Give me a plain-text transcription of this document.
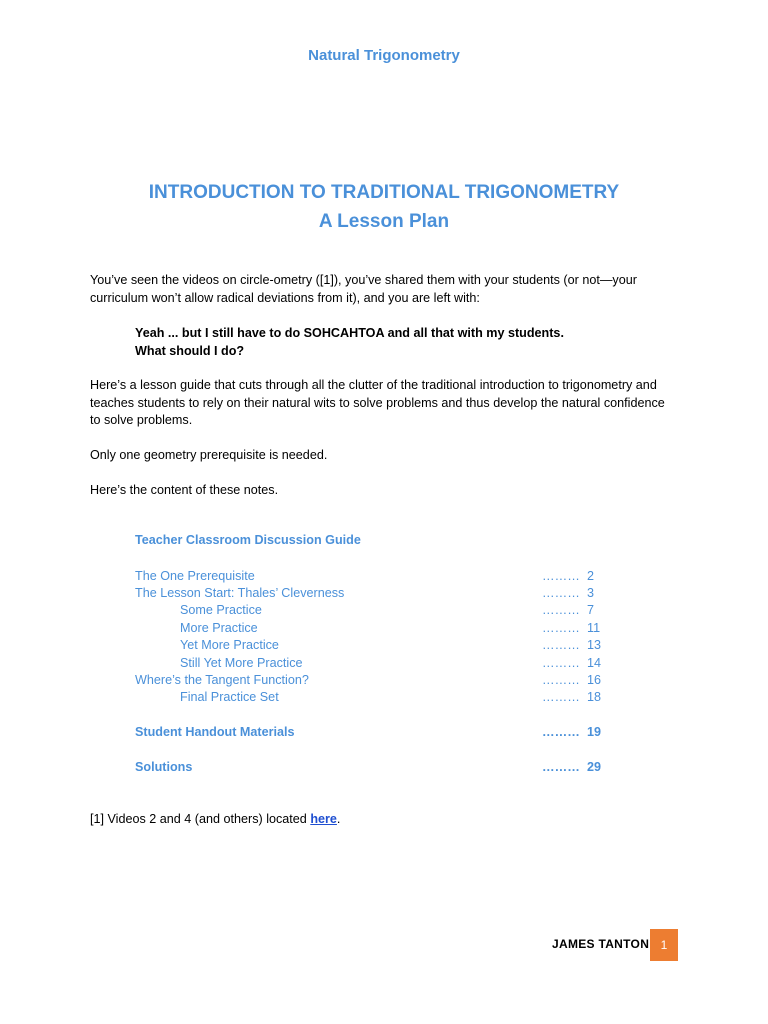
Natural Trigonometry
INTRODUCTION TO TRADITIONAL TRIGONOMETRY
A Lesson Plan
You’ve seen the videos on circle-ometry ([1]), you’ve shared them with your students (or not—your
curriculum won’t allow radical deviations from it), and you are left with:
Yeah ... but I still have to do SOHCAHTOA and all that with my students.
What should I do?
Here’s a lesson guide that cuts through all the clutter of the traditional introduction to trigonometry and
teaches students to rely on their natural wits to solve problems and thus develop the natural confidence
to solve problems.
Only one geometry prerequisite is needed.
Here’s the content of these notes.
Teacher Classroom Discussion Guide
The One Prerequisite	……… 2
The Lesson Start: Thales’ Cleverness	……… 3
Some Practice	……… 7
More Practice	……… 11
Yet More Practice	……… 13
Still Yet More Practice	……… 14
Where’s the Tangent Function?	……… 16
Final Practice Set	……… 18
Student Handout Materials	……… 19
Solutions	……… 29
[1] Videos 2 and 4 (and others) located here.
JAMES TANTON 1
